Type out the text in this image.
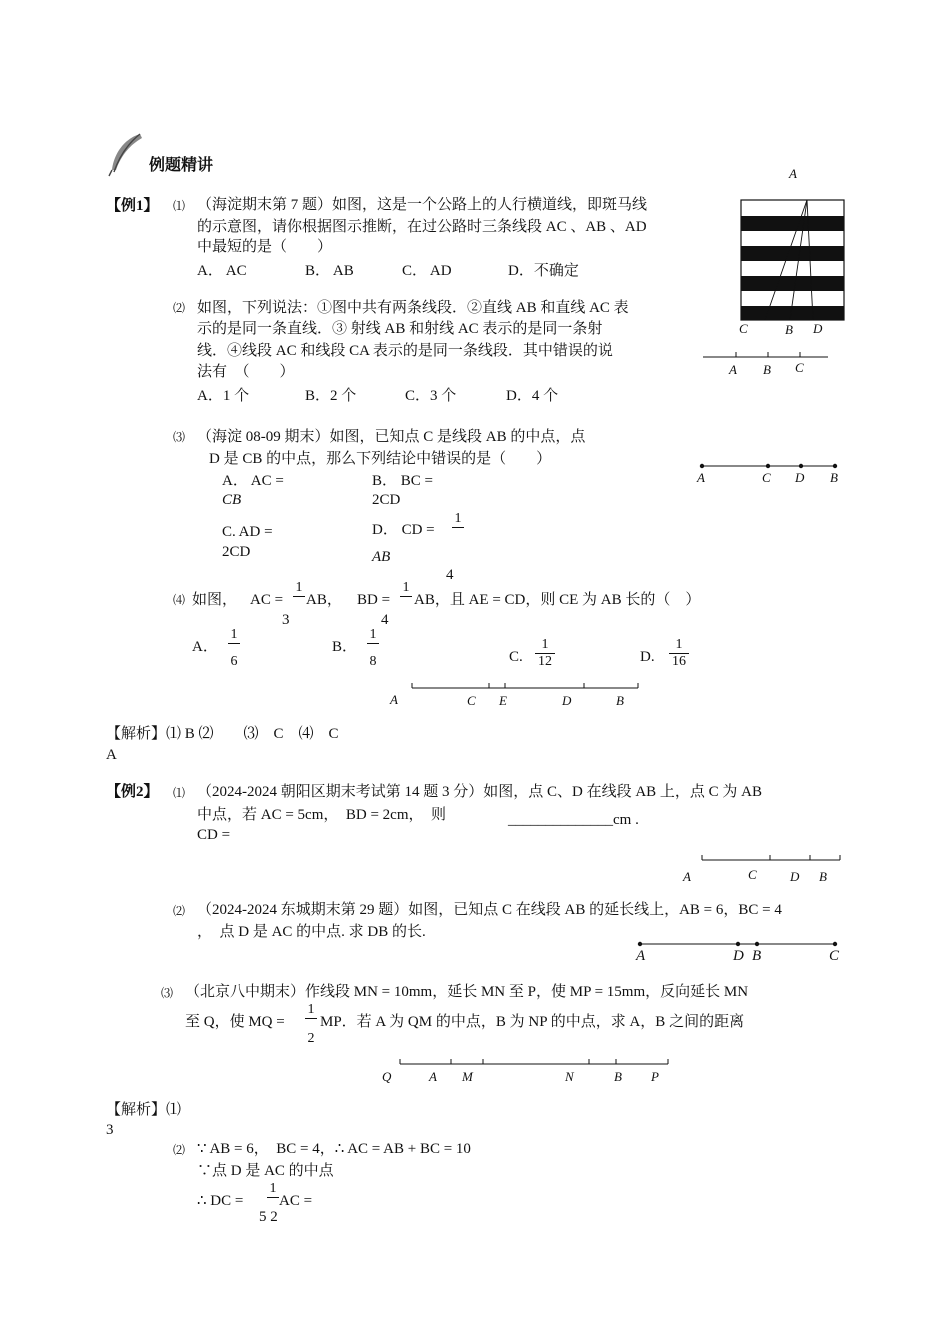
例题精讲
【例1】 ⑴ （海淀期末第 7 题）如图，这是一个公路上的人行横道线，即斑马线
的示意图，请你根据图示推断，在过公路时三条线段 AC 、AB 、AD
中最短的是（　　）
A． AC	B． AB	C． AD	D．不确定
A
C	B D
⑵ 如图，下列说法：①图中共有两条线段．②直线 AB 和直线 AC 表
示的是同一条直线．③ 射线 AB 和射线 AC 表示的是同一条射
线．④线段 AC 和线段 CA 表示的是同一条线段．其中错误的说
法有　（　　）
A．1 个	B．2 个	C．3 个	D．4 个
A B C
⑶ （海淀 08-09 期末）如图，已知点 C 是线段 AB 的中点，点
D 是 CB 的中点，那么下列结论中错误的是（　　）
A． AC =
CB
B． BC =
2CD
C. AD =
2CD
D． CD =
1
AB
4
A	C D B
⑷ 如图， AC =
1
3
AB， BD =
1
4
AB，且 AE = CD，则 CE 为 AB 长的（　）
A．
1
6
B．
1
8	C.
1
12	D.
1
16
A	C E	D	B
【解析】⑴ B ⑵　　⑶　C　⑷　C
A
【例2】 ⑴ （2024-2024 朝阳区期末考试第 14 题 3 分）如图，点 C、D 在线段 AB 上，点 C 为 AB
中点，若 AC = 5cm，　BD = 2cm，　则	______________cm .
CD =
A	C	D B
⑵ （2024-2024 东城期末第 29 题）如图，已知点 C 在线段 AB 的延长线上，AB = 6，BC = 4
，　点 D 是 AC 的中点. 求 DB 的长.
A	D B	C
⑶ （北京八中期末）作线段 MN = 10mm，延长 MN 至 P，使 MP = 15mm，反向延长 MN
至 Q，使 MQ =
1
2
MP．若 A 为 QM 的中点，B 为 NP 的中点，求 A，B 之间的距离
Q	A M	N	B P
【解析】⑴
3
⑵ ∵ AB = 6，　BC = 4，∴ AC = AB + BC = 10
∵点 D 是 AC 的中点
∴ DC =
1
AC =
5 2
